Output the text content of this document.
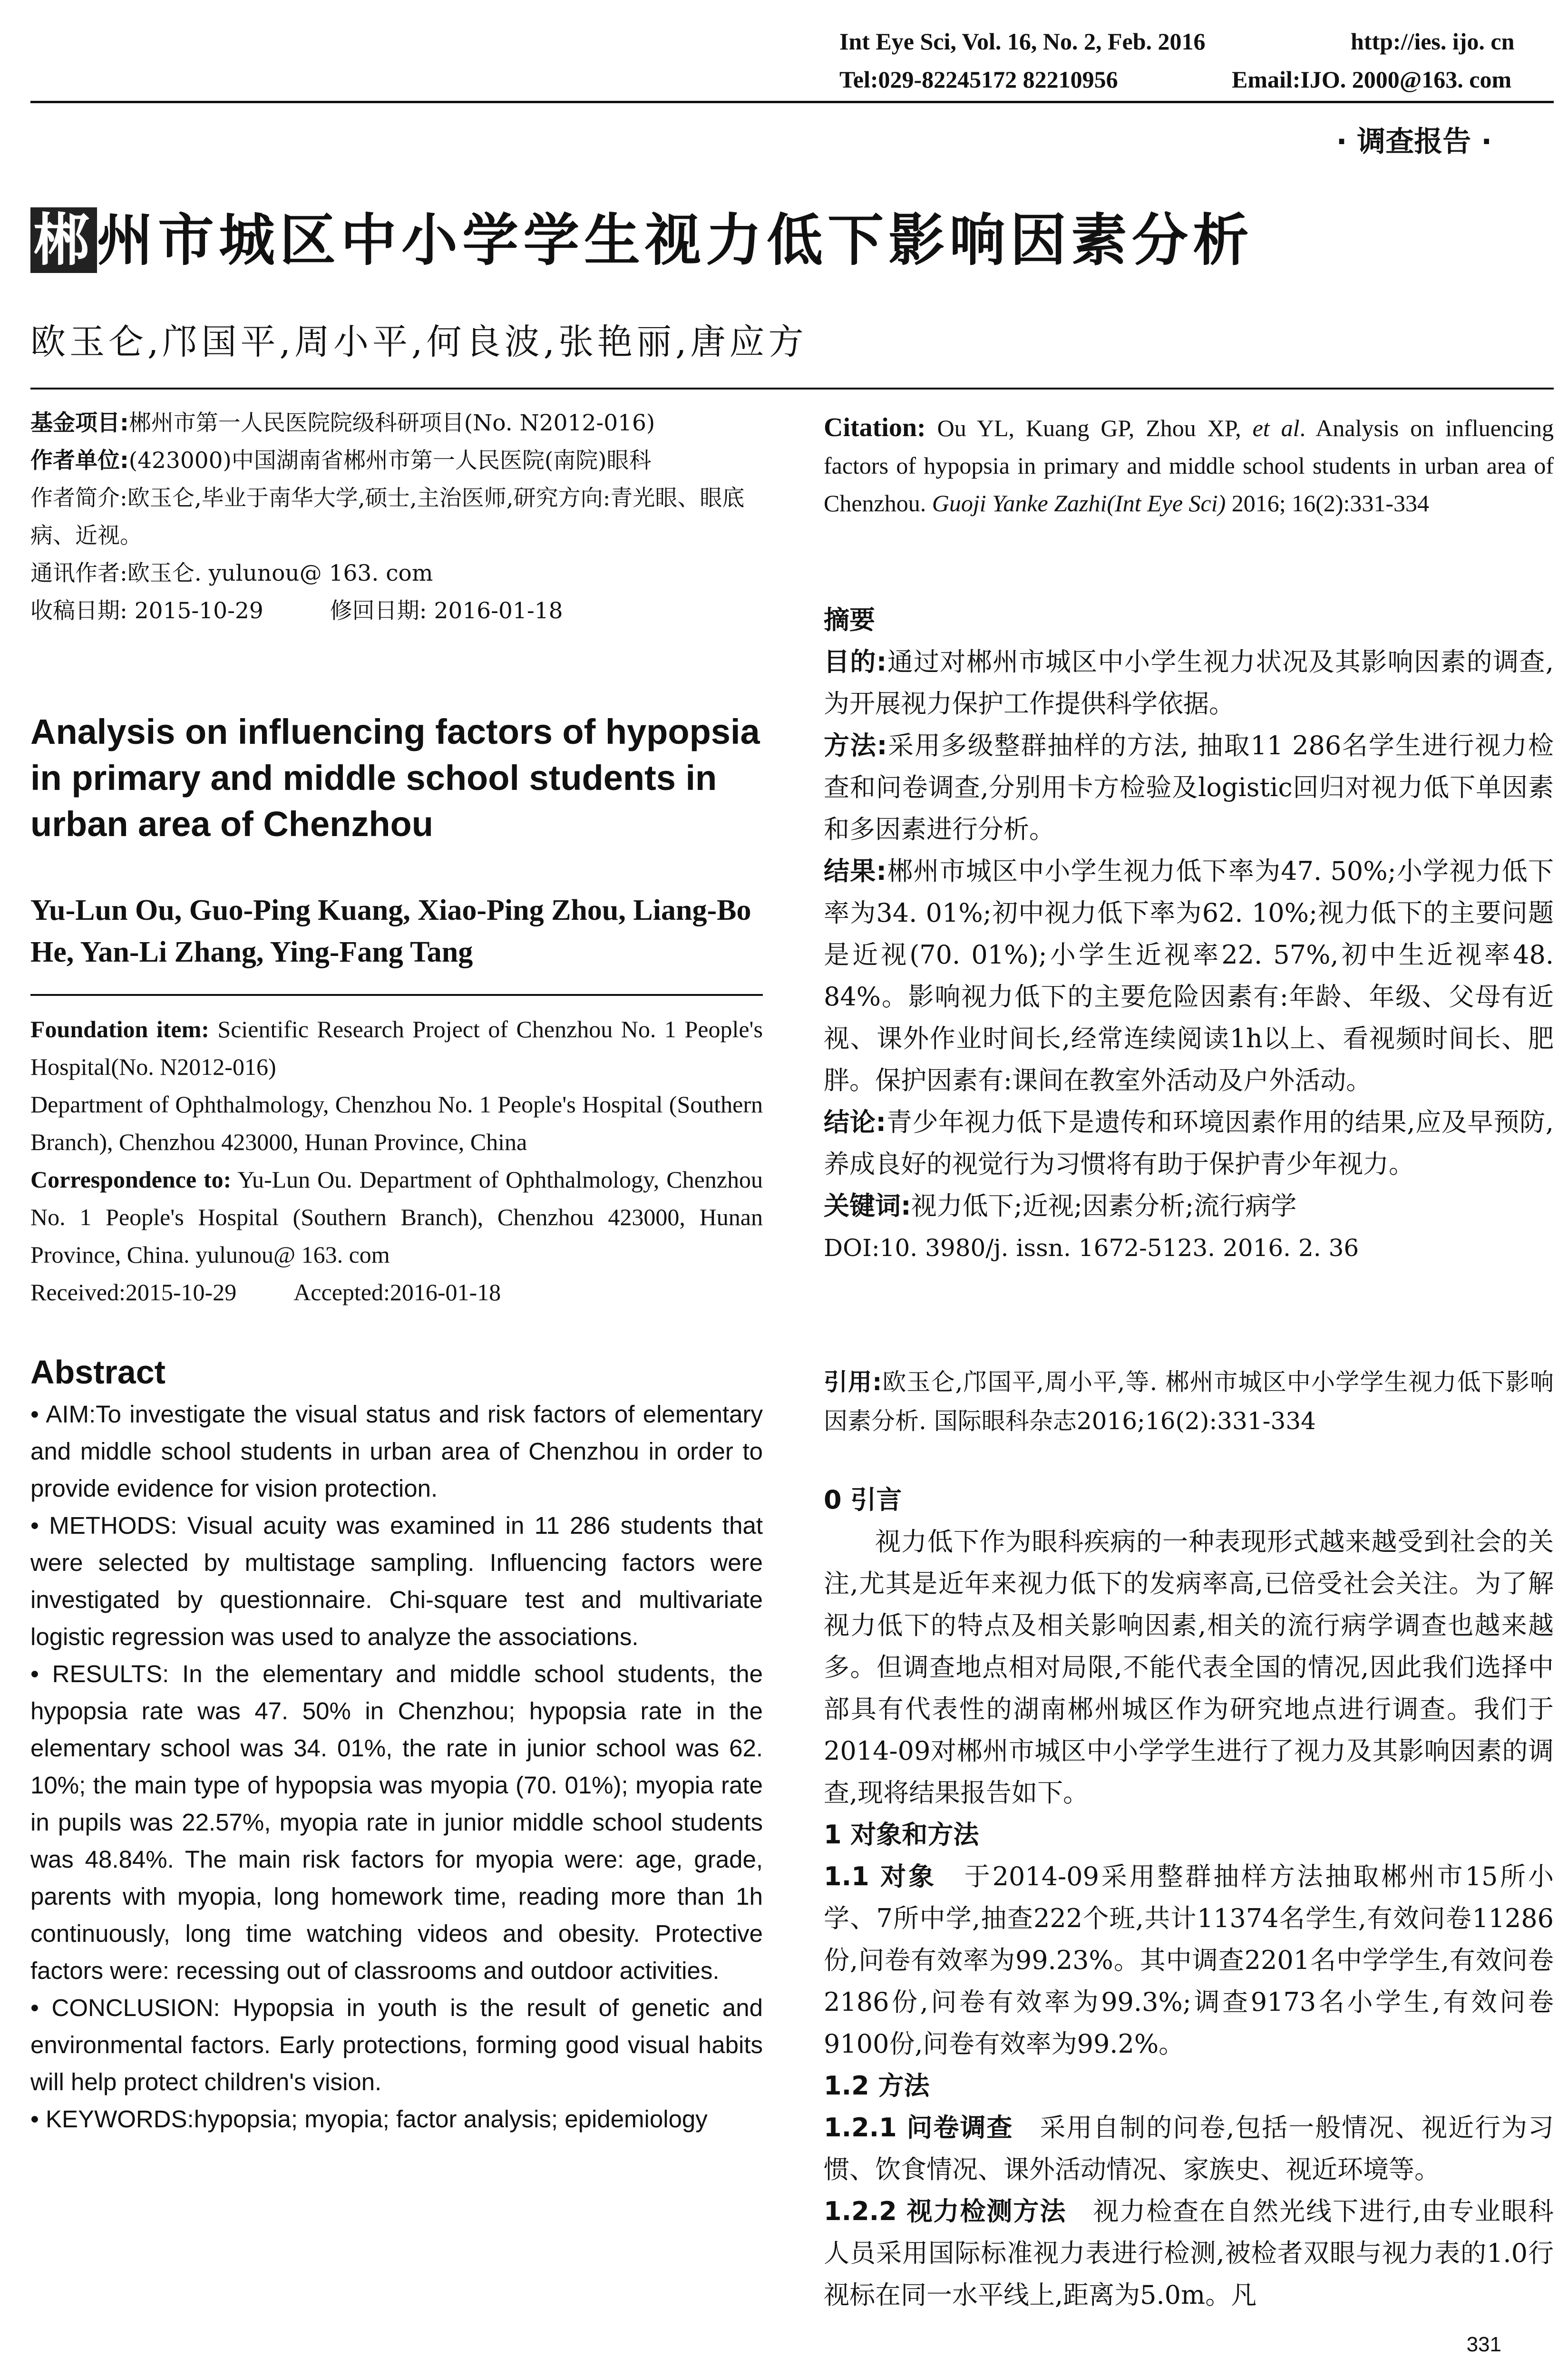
Int Eye Sci, Vol. 16, No. 2, Feb. 2016	http://ies. ijo. cn
Tel:029-82245172 82210956	Email:IJO. 2000@163. com
· 调查报告 ·
郴州市城区中小学学生视力低下影响因素分析
欧玉仑,邝国平,周小平,何良波,张艳丽,唐应方
基金项目:郴州市第一人民医院院级科研项目(No. N2012-016)
作者单位:(423000)中国湖南省郴州市第一人民医院(南院)眼科
作者简介:欧玉仑,毕业于南华大学,硕士,主治医师,研究方向:青光眼、眼底病、近视。
通讯作者:欧玉仑. yulunou@ 163. com
收稿日期: 2015-10-29	修回日期: 2016-01-18
Analysis on influencing factors of hypopsia in primary and middle school students in urban area of Chenzhou
Yu-Lun Ou, Guo-Ping Kuang, Xiao-Ping Zhou, Liang-Bo He, Yan-Li Zhang, Ying-Fang Tang
Foundation item: Scientific Research Project of Chenzhou No. 1 People's Hospital(No. N2012-016)
Department of Ophthalmology, Chenzhou No. 1 People's Hospital (Southern Branch), Chenzhou 423000, Hunan Province, China
Correspondence to: Yu-Lun Ou. Department of Ophthalmology, Chenzhou No. 1 People's Hospital (Southern Branch), Chenzhou 423000, Hunan Province, China. yulunou@ 163. com
Received:2015-10-29 Accepted:2016-01-18
Abstract

• AIM:To investigate the visual status and risk factors of elementary and middle school students in urban area of Chenzhou in order to provide evidence for vision protection.

• METHODS: Visual acuity was examined in 11 286 students that were selected by multistage sampling. Influencing factors were investigated by questionnaire. Chi-square test and multivariate logistic regression was used to analyze the associations.

• RESULTS: In the elementary and middle school students, the hypopsia rate was 47. 50% in Chenzhou; hypopsia rate in the elementary school was 34. 01%, the rate in junior school was 62. 10%; the main type of hypopsia was myopia (70. 01%); myopia rate in pupils was 22.57%, myopia rate in junior middle school students was 48.84%. The main risk factors for myopia were: age, grade, parents with myopia, long homework time, reading more than 1h continuously, long time watching videos and obesity. Protective factors were: recessing out of classrooms and outdoor activities.

• CONCLUSION: Hypopsia in youth is the result of genetic and environmental factors. Early protections, forming good visual habits will help protect children's vision.

• KEYWORDS:hypopsia; myopia; factor analysis; epidemiology

Citation: Ou YL, Kuang GP, Zhou XP, et al. Analysis on influencing factors of hypopsia in primary and middle school students in urban area of Chenzhou. Guoji Yanke Zazhi(Int Eye Sci) 2016; 16(2):331-334

摘要

目的:通过对郴州市城区中小学生视力状况及其影响因素的调查,为开展视力保护工作提供科学依据。

方法:采用多级整群抽样的方法, 抽取11 286名学生进行视力检查和问卷调查,分别用卡方检验及logistic回归对视力低下单因素和多因素进行分析。

结果:郴州市城区中小学生视力低下率为47. 50%;小学视力低下率为34. 01%;初中视力低下率为62. 10%;视力低下的主要问题是近视(70. 01%);小学生近视率22. 57%,初中生近视率48. 84%。影响视力低下的主要危险因素有:年龄、年级、父母有近视、课外作业时间长,经常连续阅读1h以上、看视频时间长、肥胖。保护因素有:课间在教室外活动及户外活动。

结论:青少年视力低下是遗传和环境因素作用的结果,应及早预防,养成良好的视觉行为习惯将有助于保护青少年视力。

关键词:视力低下;近视;因素分析;流行病学

DOI:10. 3980/j. issn. 1672-5123. 2016. 2. 36

引用:欧玉仑,邝国平,周小平,等. 郴州市城区中小学学生视力低下影响因素分析. 国际眼科杂志2016;16(2):331-334

0 引言

视力低下作为眼科疾病的一种表现形式越来越受到社会的关注,尤其是近年来视力低下的发病率高,已倍受社会关注。为了解视力低下的特点及相关影响因素,相关的流行病学调查也越来越多。但调查地点相对局限,不能代表全国的情况,因此我们选择中部具有代表性的湖南郴州城区作为研究地点进行调查。我们于2014-09对郴州市城区中小学学生进行了视力及其影响因素的调查,现将结果报告如下。

1 对象和方法

1.1 对象　 于2014-09采用整群抽样方法抽取郴州市15所小学、7所中学,抽查222个班,共计11374名学生,有效问卷11286份,问卷有效率为99.23%。其中调查2201名中学学生,有效问卷2186份,问卷有效率为99.3%;调查9173名小学生,有效问卷9100份,问卷有效率为99.2%。

1.2 方法

1.2.1 问卷调查　 采用自制的问卷,包括一般情况、视近行为习惯、饮食情况、课外活动情况、家族史、视近环境等。

1.2.2 视力检测方法　 视力检查在自然光线下进行,由专业眼科人员采用国际标准视力表进行检测,被检者双眼与视力表的1.0行视标在同一水平线上,距离为5.0m。凡

331
